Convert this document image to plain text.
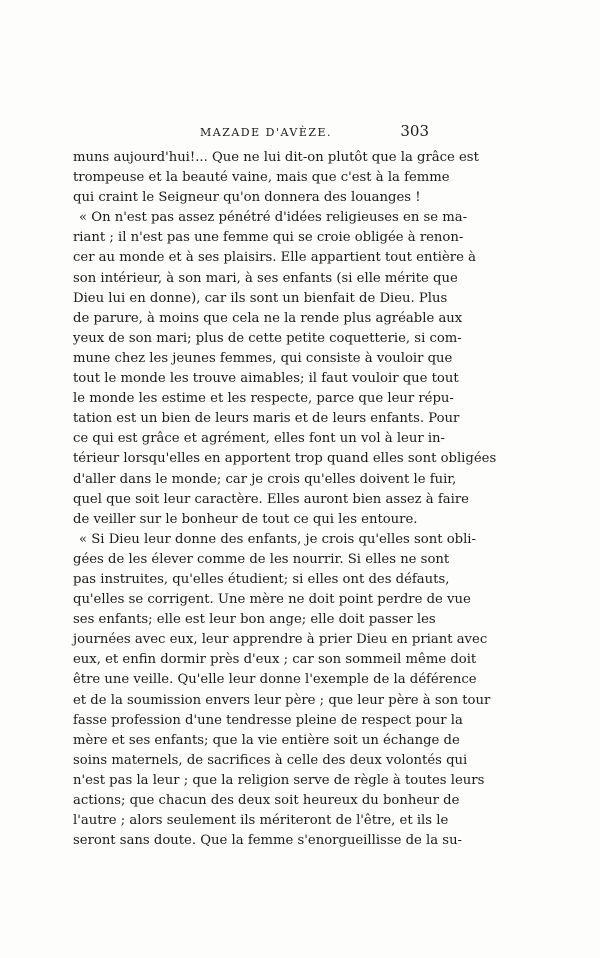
MAZADE D'AVÈZE.	303
muns aujourd'hui!... Que ne lui dit-on plutôt que la grâce est
trompeuse et la beauté vaine, mais que c'est à la femme
qui craint le Seigneur qu'on donnera des louanges !
« On n'est pas assez pénétré d'idées religieuses en se ma-
riant ; il n'est pas une femme qui se croie obligée à renon-
cer au monde et à ses plaisirs. Elle appartient tout entière à
son intérieur, à son mari, à ses enfants (si elle mérite que
Dieu lui en donne), car ils sont un bienfait de Dieu. Plus
de parure, à moins que cela ne la rende plus agréable aux
yeux de son mari; plus de cette petite coquetterie, si com-
mune chez les jeunes femmes, qui consiste à vouloir que
tout le monde les trouve aimables; il faut vouloir que tout
le monde les estime et les respecte, parce que leur répu-
tation est un bien de leurs maris et de leurs enfants. Pour
ce qui est grâce et agrément, elles font un vol à leur in-
térieur lorsqu'elles en apportent trop quand elles sont obligées
d'aller dans le monde; car je crois qu'elles doivent le fuir,
quel que soit leur caractère. Elles auront bien assez à faire
de veiller sur le bonheur de tout ce qui les entoure.
« Si Dieu leur donne des enfants, je crois qu'elles sont obli-
gées de les élever comme de les nourrir. Si elles ne sont
pas instruites, qu'elles étudient; si elles ont des défauts,
qu'elles se corrigent. Une mère ne doit point perdre de vue
ses enfants; elle est leur bon ange; elle doit passer les
journées avec eux, leur apprendre à prier Dieu en priant avec
eux, et enfin dormir près d'eux ; car son sommeil même doit
être une veille. Qu'elle leur donne l'exemple de la déférence
et de la soumission envers leur père ; que leur père à son tour
fasse profession d'une tendresse pleine de respect pour la
mère et ses enfants; que la vie entière soit un échange de
soins maternels, de sacrifices à celle des deux volontés qui
n'est pas la leur ; que la religion serve de règle à toutes leurs
actions; que chacun des deux soit heureux du bonheur de
l'autre ; alors seulement ils mériteront de l'être, et ils le
seront sans doute. Que la femme s'enorgueillisse de la su-
